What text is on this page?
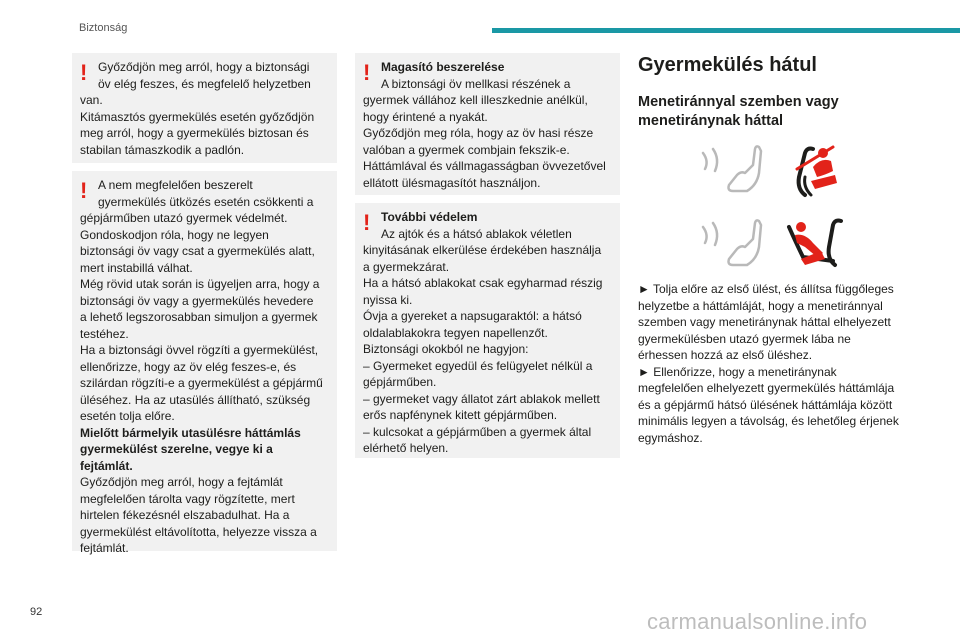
Biztonság
! Győződjön meg arról, hogy a biztonsági
öv elég feszes, és megfelelő helyzetben
van.
Kitámasztós gyermekülés esetén győződjön
meg arról, hogy a gyermekülés biztosan és
stabilan támaszkodik a padlón.
! A nem megfelelően beszerelt
gyermekülés ütközés esetén csökkenti a
gépjárműben utazó gyermek védelmét.
Gondoskodjon róla, hogy ne legyen
biztonsági öv vagy csat a gyermekülés alatt,
mert instabillá válhat.
Még rövid utak során is ügyeljen arra, hogy a
biztonsági öv vagy a gyermekülés hevedere
a lehető legszorosabban simuljon a gyermek
testéhez.
Ha a biztonsági övvel rögzíti a gyermekülést,
ellenőrizze, hogy az öv elég feszes-e, és
szilárdan rögzíti-e a gyermekülést a gépjármű
üléséhez. Ha az utasülés állítható, szükség
esetén tolja előre.
Mielőtt bármelyik utasülésre háttámlás
gyermekülést szerelne, vegye ki a
fejtámlát.
Győződjön meg arról, hogy a fejtámlát
megfelelően tárolta vagy rögzítette, mert
hirtelen fékezésnél elszabadulhat. Ha a
gyermekülést eltávolította, helyezze vissza a
fejtámlát.
! Magasító beszerelése
A biztonsági öv mellkasi részének a
gyermek vállához kell illeszkednie anélkül,
hogy érintené a nyakát.
Győződjön meg róla, hogy az öv hasi része
valóban a gyermek combjain fekszik-e.
Háttámlával és vállmagasságban övvezetővel
ellátott ülésmagasítót használjon.
! További védelem
Az ajtók és a hátsó ablakok véletlen
kinyitásának elkerülése érdekében használja
a gyermekzárat.
Ha a hátsó ablakokat csak egyharmad részig
nyissa ki.
Óvja a gyereket a napsugaraktól: a hátsó
oldalablakokra tegyen napellenzőt.
Biztonsági okokból ne hagyjon:
– Gyermeket egyedül és felügyelet nélkül a
gépjárműben.
– gyermeket vagy állatot zárt ablakok mellett
erős napfénynek kitett gépjárműben.
– kulcsokat a gépjárműben a gyermek által
elérhető helyen.
Gyermekülés hátul
Menetiránnyal szemben vagy
menetiránynak háttal
► Tolja előre az első ülést, és állítsa függőleges
helyzetbe a háttámláját, hogy a menetiránnyal
szemben vagy menetiránynak háttal elhelyezett
gyermekülésben utazó gyermek lába ne
érhessen hozzá az első üléshez.
► Ellenőrizze, hogy a menetiránynak
megfelelően elhelyezett gyermekülés háttámlája
és a gépjármű hátsó ülésének háttámlája között
minimális legyen a távolság, és lehetőleg érjenek
egymáshoz.
92	carmanualsonline.info
